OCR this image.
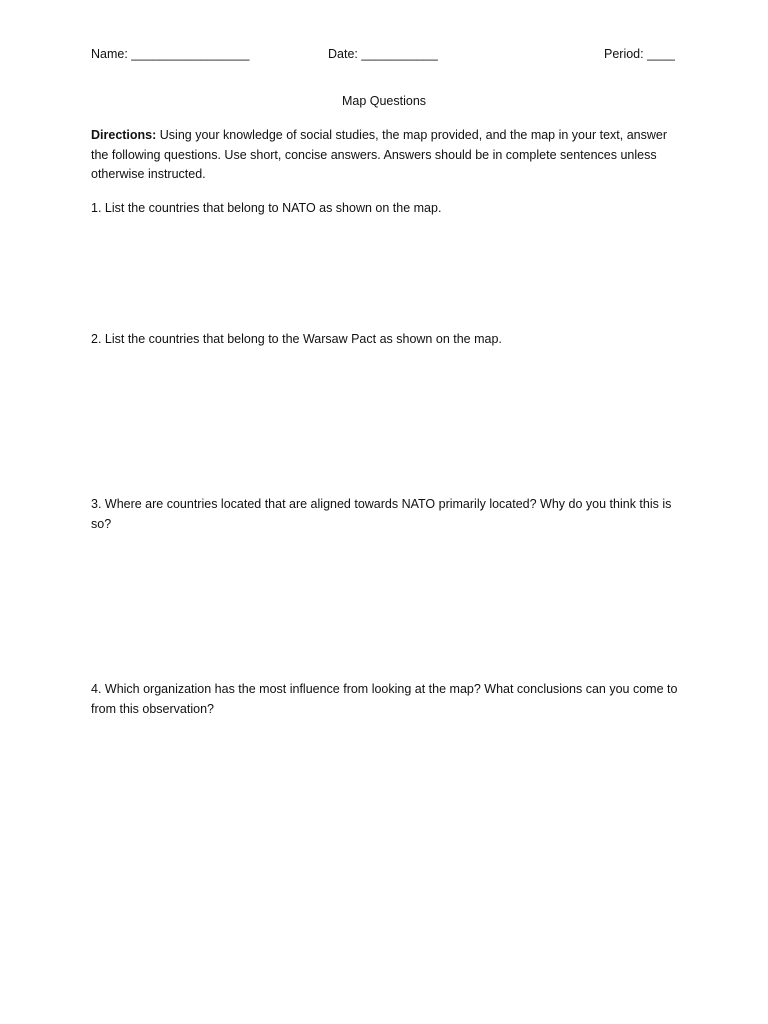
Name: _________________	Date: ___________	Period: ____
Map Questions
Directions: Using your knowledge of social studies, the map provided, and the map in your text, answer the following questions. Use short, concise answers. Answers should be in complete sentences unless otherwise instructed.
1. List the countries that belong to NATO as shown on the map.
2. List the countries that belong to the Warsaw Pact as shown on the map.
3. Where are countries located that are aligned towards NATO primarily located? Why do you think this is so?
4. Which organization has the most influence from looking at the map? What conclusions can you come to from this observation?
